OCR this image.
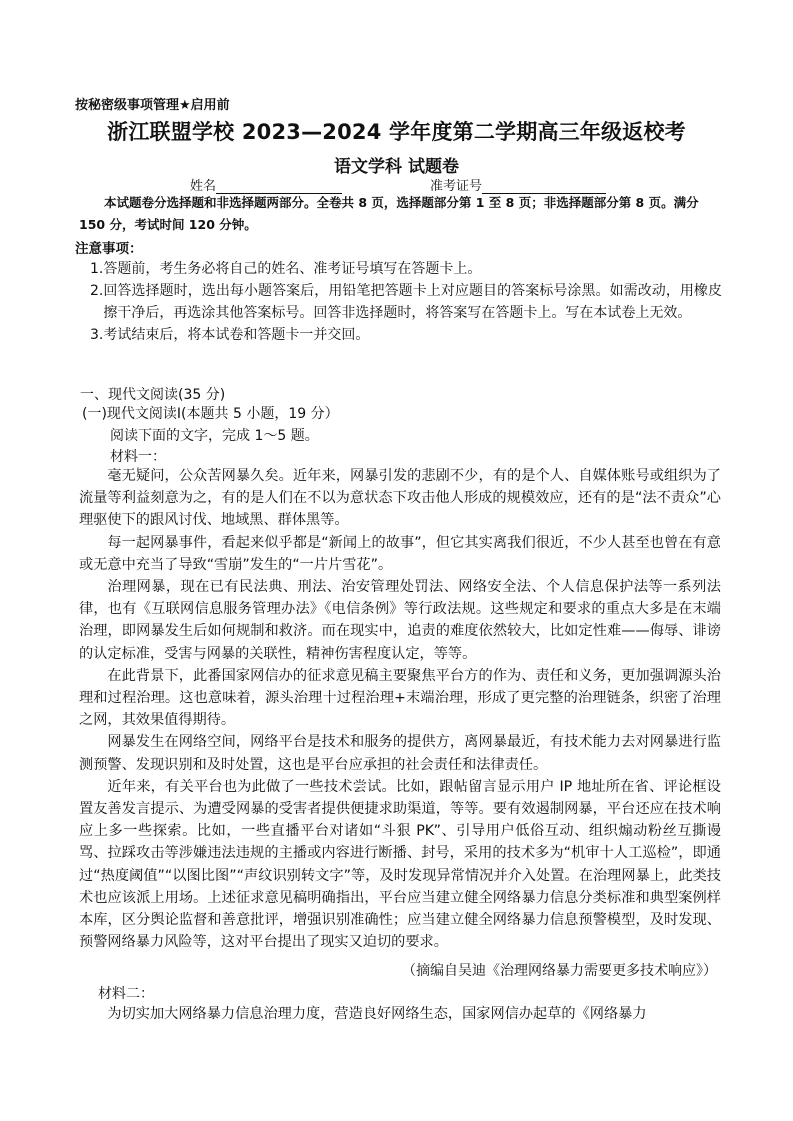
按秘密级事项管理★启用前
浙江联盟学校 2023—2024 学年度第二学期高三年级返校考
语文学科 试题卷
姓名	准考证号
本试题卷分选择题和非选择题两部分。全卷共 8 页，选择题部分第 1 至 8 页；非选择题部分第 8 页。满分 150 分，考试时间 120 分钟。
注意事项：
1. 答题前，考生务必将自己的姓名、准考证号填写在答题卡上。
2. 回答选择题时，选出每小题答案后，用铅笔把答题卡上对应题目的答案标号涂黑。如需改动，用橡皮擦干净后，再选涂其他答案标号。回答非选择题时，将答案写在答题卡上。写在本试卷上无效。
3. 考试结束后，将本试卷和答题卡一并交回。
一、现代文阅读(35 分)
(一)现代文阅读Ⅰ(本题共 5 小题，19 分）
阅读下面的文字，完成 1～5 题。
材料一：

毫无疑问，公众苦网暴久矣。近年来，网暴引发的悲剧不少，有的是个人、自媒体账号或组织为了流量等利益刻意为之，有的是人们在不以为意状态下攻击他人形成的规模效应，还有的是“法不责众”心理驱使下的跟风讨伐、地域黑、群体黑等。

每一起网暴事件，看起来似乎都是“新闻上的故事”，但它其实离我们很近，不少人甚至也曾在有意或无意中充当了导致“雪崩”发生的“一片片雪花”。

治理网暴，现在已有民法典、刑法、治安管理处罚法、网络安全法、个人信息保护法等一系列法律，也有《互联网信息服务管理办法》《电信条例》等行政法规。这些规定和要求的重点大多是在末端治理，即网暴发生后如何规制和救济。而在现实中，追责的难度依然较大，比如定性难——侮辱、诽谤的认定标准，受害与网暴的关联性，精神伤害程度认定，等等。

在此背景下，此番国家网信办的征求意见稿主要聚焦平台方的作为、责任和义务，更加强调源头治理和过程治理。这也意味着，源头治理十过程治理+末端治理，形成了更完整的治理链条，织密了治理之网，其效果值得期待。

网暴发生在网络空间，网络平台是技术和服务的提供方，离网暴最近，有技术能力去对网暴进行监测预警、发现识别和及时处置，这也是平台应承担的社会责任和法律责任。

近年来，有关平台也为此做了一些技术尝试。比如，跟帖留言显示用户 IP 地址所在省、评论框设置友善发言提示、为遭受网暴的受害者提供便捷求助渠道，等等。要有效遏制网暴，平台还应在技术响应上多一些探索。比如，一些直播平台对诸如“斗狠 PK”、引导用户低俗互动、组织煽动粉丝互撕谩骂、拉踩攻击等涉嫌违法违规的主播或内容进行断播、封号，采用的技术多为“机审十人工巡检”，即通过“热度阈值”“以图比图”“声纹识别转文字”等，及时发现异常情况并介入处置。在治理网暴上，此类技术也应该派上用场。上述征求意见稿明确指出，平台应当建立健全网络暴力信息分类标准和典型案例样本库，区分舆论监督和善意批评，增强识别准确性；应当建立健全网络暴力信息预警模型，及时发现、预警网络暴力风险等，这对平台提出了现实又迫切的要求。

（摘编自吴迪《治理网络暴力需要更多技术响应》）
材料二：

为切实加大网络暴力信息治理力度，营造良好网络生态，国家网信办起草的《网络暴力
